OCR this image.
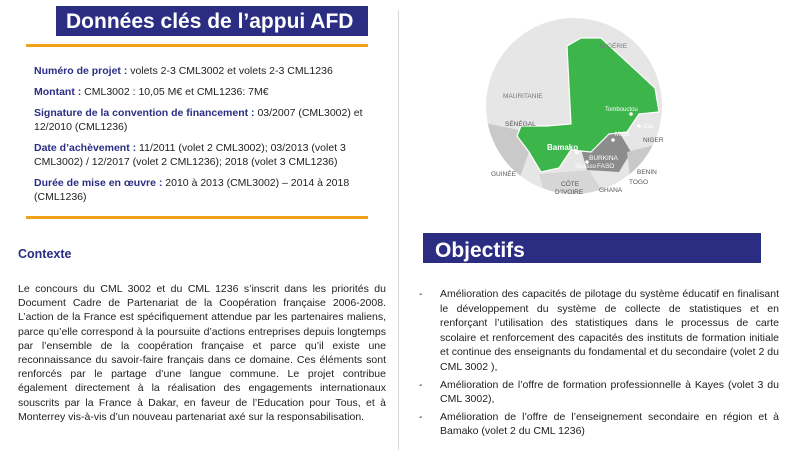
Données clés de l’appui AFD

Numéro de projet : volets 2-3 CML3002 et volets 2-3 CML1236

Montant : CML3002 : 10,05 M€ et CML1236: 7M€

Signature de la convention de financement : 03/2007 (CML3002) et 12/2010 (CML1236)

Date d’achèvement : 11/2011 (volet 2 CML3002); 03/2013 (volet 3 CML3002) / 12/2017 (volet 2 CML1236); 2018 (volet 3 CML1236)

Durée de mise en œuvre : 2010 à 2013 (CML3002) – 2014 à 2018 (CML1236)

Contexte
Le concours du CML 3002 et du CML 1236 s’inscrit dans les priorités du Document Cadre de Partenariat de la Coopération française 2006-2008. L’action de la France est spécifiquement attendue par les partenaires maliens, parce qu’elle correspond à la poursuite d’actions entreprises depuis longtemps par l’ensemble de la coopération française et parce qu’il existe une reconnaissance du savoir-faire français dans ce domaine. Ces éléments sont renforcés par le partage d’une langue commune. Le projet contribue également directement à la réalisation des engagements internationaux souscrits par la France à Dakar, en faveur de l’Education pour Tous, et à Monterrey vis-à-vis d’un nouveau partenariat axé sur la responsabilisation.
ALGÉRIE
MAURITANIE
SÉNÉGAL
GUINÉE
NIGER
BURKINA
FASO
BENIN
TOGO
GHANA
CÔTE
D’IVOIRE
Tombouctou
Gao
Mopti
Bamako
Sikasso
Objectifs
- Amélioration des capacités de pilotage du système éducatif en finalisant le développement du système de collecte de statistiques et en renforçant l’utilisation des statistiques dans le processus de carte scolaire et renforcement des capacités des instituts de formation initiale et continue des enseignants du fondamental et du secondaire (volet 2 du CML 3002 ),
- Amélioration de l’offre de formation professionnelle à Kayes (volet 3 du CML 3002),
- Amélioration de l’offre de l’enseignement secondaire en région et à Bamako (volet 2 du CML 1236)
